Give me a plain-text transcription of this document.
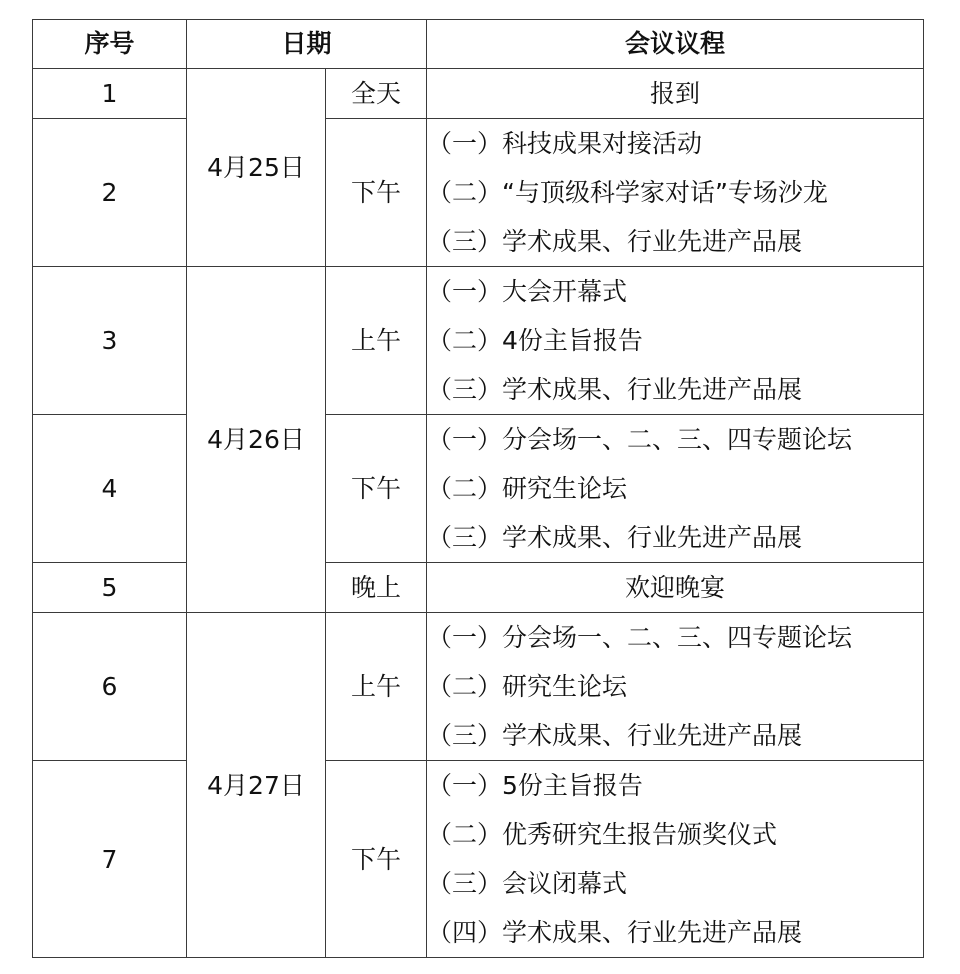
序号	日期		会议议程
1	4月25日	全天	报到
2		下午	（一）科技成果对接活动
（二）“与顶级科学家对话”专场沙龙
（三）学术成果、行业先进产品展

3	4月26日	上午	（一）大会开幕式
（二）4份主旨报告
（三）学术成果、行业先进产品展

4		下午	（一）分会场一、二、三、四专题论坛
（二）研究生论坛
（三）学术成果、行业先进产品展

5		晚上	欢迎晚宴
6	4月27日	上午	（一）分会场一、二、三、四专题论坛
（二）研究生论坛
（三）学术成果、行业先进产品展

7		下午	（一）5份主旨报告
（二）优秀研究生报告颁奖仪式
（三）会议闭幕式
（四）学术成果、行业先进产品展
